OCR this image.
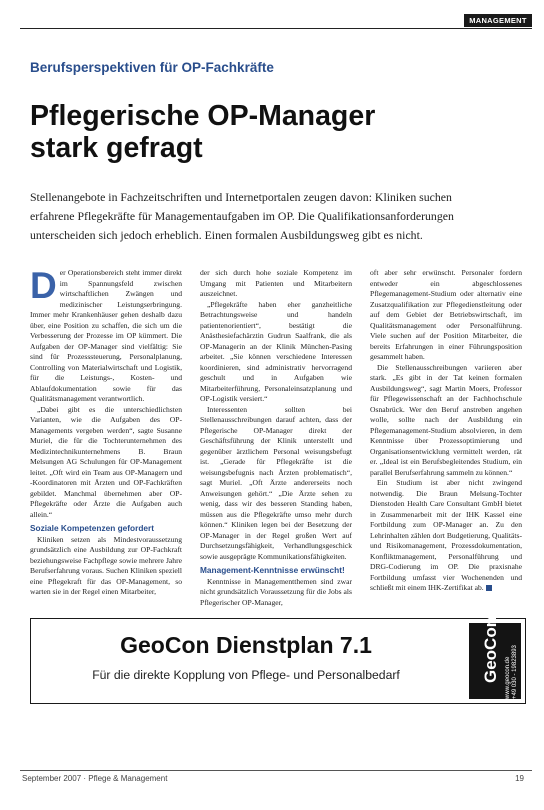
MANAGEMENT
Berufsperspektiven für OP-Fachkräfte
Pflegerische OP-Manager
stark gefragt

Stellenangebote in Fachzeitschriften und Internetportalen zeugen davon: Kliniken suchen
erfahrene Pflegekräfte für Managementaufgaben im OP. Die Qualifikationsanforderungen
unterscheiden sich jedoch erheblich. Einen formalen Ausbildungsweg gibt es nicht.

Der Operationsbereich steht immer direkt im Spannungsfeld zwischen wirtschaftlichen Zwängen und medizinischer Leistungserbringung. Immer mehr Krankenhäuser gehen deshalb dazu über, eine Position zu schaffen, die sich um die Verbesserung der Prozesse im OP kümmert. Die Aufgaben der OP-Manager sind vielfältig: Sie sind für Prozesssteuerung, Personalplanung, Controlling von Materialwirtschaft und Logistik, für die Leistungs-, Kosten- und Ablaufdokumentation sowie für das Qualitätsmanagement verantwortlich.

„Dabei gibt es die unterschiedlichsten Varianten, wie die Aufgaben des OP-Managements vergeben werden“, sagte Susanne Muriel, die für die Tochterunternehmen des Medizintechnikunternehmens B. Braun Melsungen AG Schulungen für OP-Management leitet. „Oft wird ein Team aus OP-Managern und -Koordinatoren mit Ärzten und OP-Fachkräften gebildet. Manchmal übernehmen aber OP-Pflegekräfte oder Ärzte die Aufgaben auch allein.“

Soziale Kompetenzen gefordert

Kliniken setzen als Mindestvoraussetzung grundsätzlich eine Ausbildung zur OP-Fachkraft beziehungsweise Fachpflege sowie mehrere Jahre Berufserfahrung voraus. Suchen Kliniken speziell eine Pflegekraft für das OP-Management, so warten sie in der Regel einen Mitarbeiter,

der sich durch hohe soziale Kompetenz im Umgang mit Patienten und Mitarbeitern auszeichnet.

„Pflegekräfte haben eher ganzheitliche Betrachtungsweise und handeln patientenorientiert“, bestätigt die Anästhesiefachärztin Gudrun Saalfrank, die als OP-Managerin an der Klinik München-Pasing arbeitet. „Sie können verschiedene Interessen koordinieren, sind administrativ hervorragend geschult und in Aufgaben wie Mitarbeiterführung, Personaleinsatzplanung und OP-Logistik versiert.“

Interessenten sollten bei Stellenausschreibungen darauf achten, dass der Pflegerische OP-Manager direkt der Geschäftsführung der Klinik unterstellt und gegenüber ärztlichem Personal weisungsbefugt ist. „Gerade für Pflegekräfte ist die weisungsbefugnis nach Ärzten problematisch“, sagt Muriel. „Oft Ärzte andererseits noch Anweisungen gehört.“ „Die Ärzte sehen zu wenig, dass wir des besseren Standing haben, müssen aus die Pflegekräfte umso mehr durch können.“ Kliniken legen bei der Besetzung der OP-Manager in der Regel großen Wert auf Durchsetzungsfähigkeit, Verhandlungsgeschick sowie ausgeprägte Kommunikationsfähigkeiten.

Management-Kenntnisse erwünscht!

Kenntnisse in Managementthemen sind zwar nicht grundsätzlich Voraussetzung für die Jobs als Pflegerischer OP-Manager,

oft aber sehr erwünscht. Personaler fordern entweder ein abgeschlossenes Pflegemanagement-Studium oder alternativ eine Zusatzqualifikation zur Pflegedienstleitung oder auf dem Gebiet der Betriebswirtschaft, im Qualitätsmanagement oder Personalführung. Viele suchen auf der Position Mitarbeiter, die bereits Erfahrungen in einer Führungsposition gesammelt haben.

Die Stellenausschreibungen variieren aber stark. „Es gibt in der Tat keinen formalen Ausbildungsweg“, sagt Martin Moers, Professor für Pflegewissenschaft an der Fachhochschule Osnabrück. Wer den Beruf anstreben angehen wolle, sollte nach der Ausbildung ein Pflegemanagement-Studium absolvieren, in dem Kenntnisse über Prozessoptimierung und Organisationsentwicklung vermittelt werden, rät er. „Ideal ist ein Berufsbegleitendes Studium, ein parallel Berufserfahrung sammeln zu können.“

Ein Studium ist aber nicht zwingend notwendig. Die Braun Melsung-Tochter Dienstoden Health Care Consultant GmbH bietet in Zusammenarbeit mit der IHK Kassel eine Fortbildung zum OP-Manager an. Zu den Lehrinhalten zählen dort Budgetierung, Qualitäts- und Risikomanagement, Prozessdokumentation, Konfliktmanagement, Personalführung und DRG-Codierung im OP. Die praxisnahe Fortbildung umfasst vier Wochenenden und schließt mit einem IHK-Zertifikat ab.

GeoCon Dienstplan 7.1
Für die direkte Kopplung von Pflege- und Personalbedarf	GeoCon www.geocon.de +49 030 - 19823893
September 2007 · Pflege & Management	19
